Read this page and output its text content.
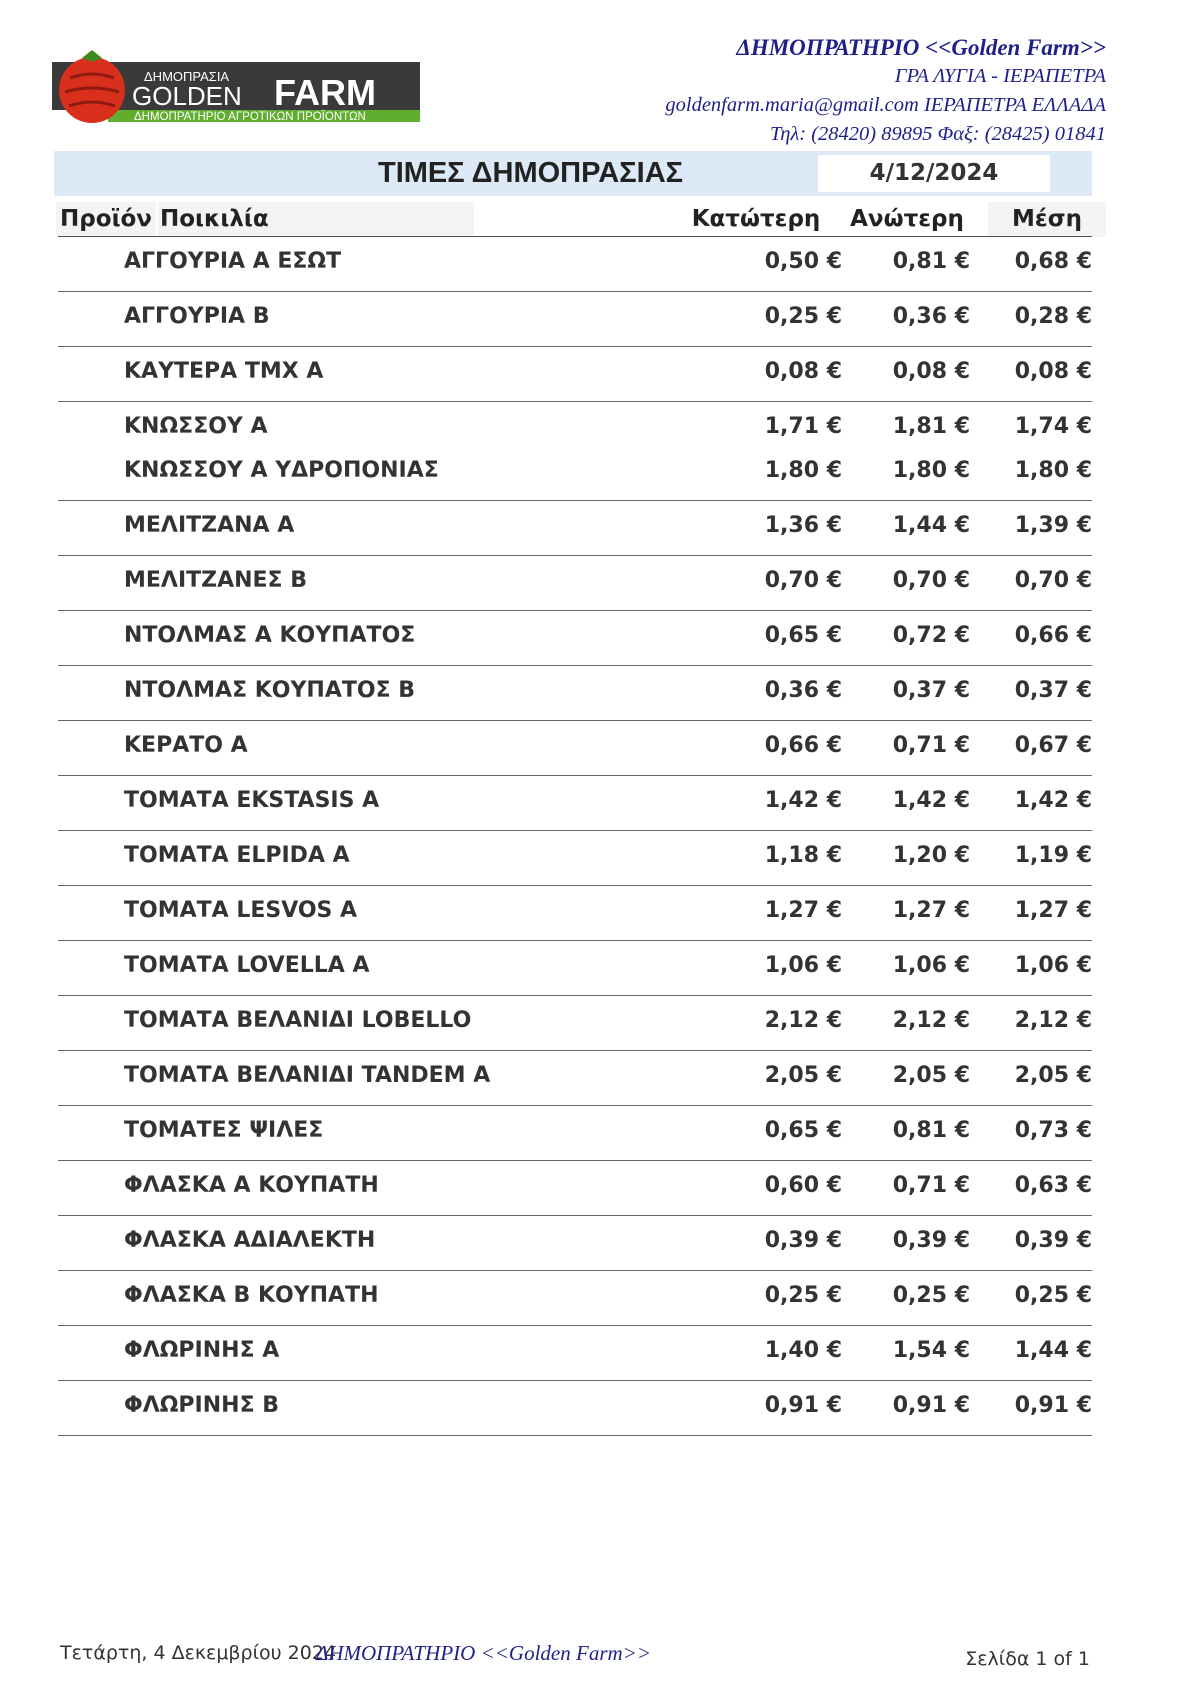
ΔΗΜΟΠΡΑΣΙΑ
GOLDEN FARM
ΔΗΜΟΠΡΑΤΗΡΙΟ ΑΓΡΟΤΙΚΩΝ ΠΡΟΪΟΝΤΩΝ
ΔΗΜΟΠΡΑΤΗΡΙΟ <<Golden Farm>>
ΓΡΑ ΛΥΓΙΑ - ΙΕΡΑΠΕΤΡΑ
goldenfarm.maria@gmail.com ΙΕΡΑΠΕΤΡΑ ΕΛΛΑΔΑ
Τηλ: (28420) 89895 Φαξ: (28425) 01841
ΤΙΜΕΣ ΔΗΜΟΠΡΑΣΙΑΣ	4/12/2024
Προϊόν Ποικιλία	Κατώτερη	Ανώτερη	Μέση
ΑΓΓΟΥΡΙΑ Α ΕΣΩΤ	0,50 € 0,81 € 0,68 €
ΑΓΓΟΥΡΙΑ Β	0,25 € 0,36 € 0,28 €
ΚΑΥΤΕΡΑ ΤΜΧ Α	0,08 € 0,08 € 0,08 €
ΚΝΩΣΣΟΥ Α	1,71 € 1,81 € 1,74 €
ΚΝΩΣΣΟΥ Α ΥΔΡΟΠΟΝΙΑΣ	1,80 € 1,80 € 1,80 €
ΜΕΛΙΤΖΑΝΑ Α	1,36 € 1,44 € 1,39 €
ΜΕΛΙΤΖΑΝΕΣ Β	0,70 € 0,70 € 0,70 €
ΝΤΟΛΜΑΣ Α ΚΟΥΠΑΤΟΣ	0,65 € 0,72 € 0,66 €
ΝΤΟΛΜΑΣ ΚΟΥΠΑΤΟΣ Β	0,36 € 0,37 € 0,37 €
ΚΕΡΑΤΟ Α	0,66 € 0,71 € 0,67 €
ΤΟΜΑΤΑ EKSTASIS Α	1,42 € 1,42 € 1,42 €
ΤΟΜΑΤΑ ELPIDA Α	1,18 € 1,20 € 1,19 €
ΤΟΜΑΤΑ LESVOS Α	1,27 € 1,27 € 1,27 €
ΤΟΜΑΤΑ LOVELLA Α	1,06 € 1,06 € 1,06 €
ΤΟΜΑΤΑ ΒΕΛΑΝΙΔΙ LOBELLO	2,12 € 2,12 € 2,12 €
ΤΟΜΑΤΑ ΒΕΛΑΝΙΔΙ TANDEM Α	2,05 € 2,05 € 2,05 €
ΤΟΜΑΤΕΣ ΨΙΛΕΣ	0,65 € 0,81 € 0,73 €
ΦΛΑΣΚΑ Α ΚΟΥΠΑΤΗ	0,60 € 0,71 € 0,63 €
ΦΛΑΣΚΑ ΑΔΙΑΛΕΚΤΗ	0,39 € 0,39 € 0,39 €
ΦΛΑΣΚΑ Β ΚΟΥΠΑΤΗ	0,25 € 0,25 € 0,25 €
ΦΛΩΡΙΝΗΣ Α	1,40 € 1,54 € 1,44 €
ΦΛΩΡΙΝΗΣ Β	0,91 € 0,91 € 0,91 €
Τετάρτη, 4 Δεκεμβρίου 2024
ΔΗΜΟΠΡΑΤΗΡΙΟ <<Golden Farm>>	Σελίδα 1 of 1
